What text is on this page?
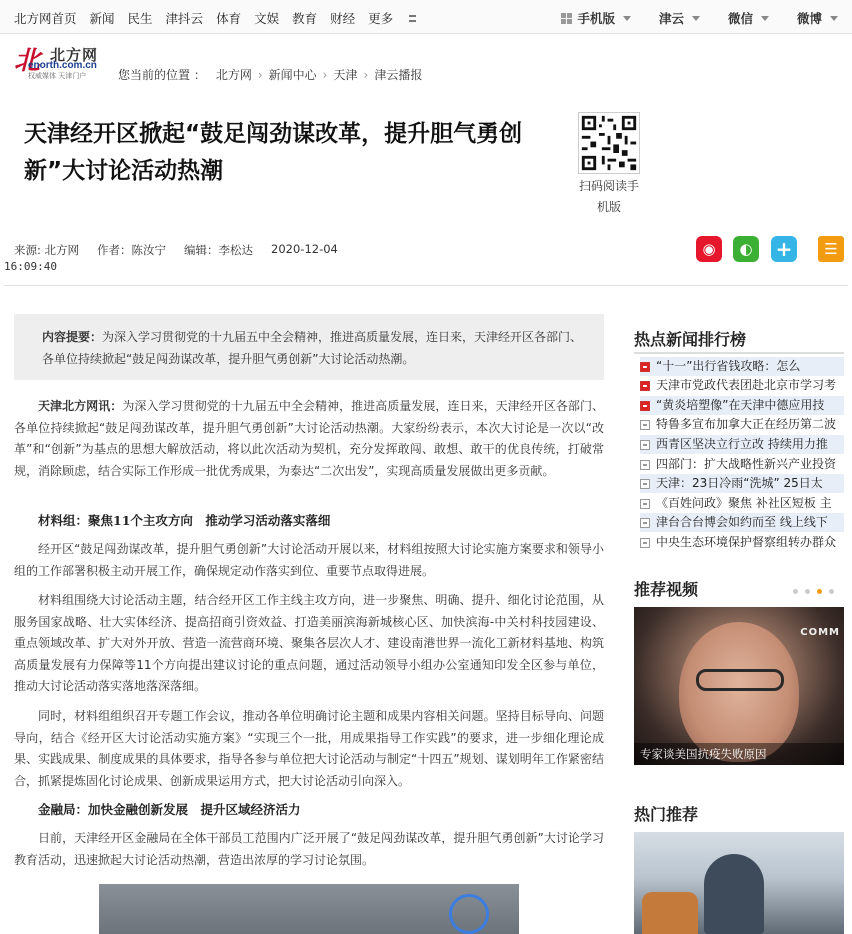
北方网首页 新闻 民生 津抖云 体育 文娱 教育 财经 更多	手机版	津云	微信	微博
北 北方网
enorth.com.cn
权威媒体 天津门户	您当前的位置 ： 北方网 › 新闻中心 › 天津 › 津云播报
天津经开区掀起“鼓足闯劲谋改革，提升胆气勇创新”大讨论活动热潮
扫码阅读手机版
来源: 北方网 作者：陈汝宁 编辑：李松达 2020-12-04
16:09:40
◉ ◐ + ☰
内容提要：为深入学习贯彻党的十九届五中全会精神，推进高质量发展，连日来，天津经开区各部门、各单位持续掀起“鼓足闯劲谋改革，提升胆气勇创新”大讨论活动热潮。
天津北方网讯：为深入学习贯彻党的十九届五中全会精神，推进高质量发展，连日来，天津经开区各部门、各单位持续掀起“鼓足闯劲谋改革，提升胆气勇创新”大讨论活动热潮。大家纷纷表示，本次大讨论是一次以“改革”和“创新”为基点的思想大解放活动，将以此次活动为契机，充分发挥敢闯、敢想、敢干的优良传统，打破常规，消除顾虑，结合实际工作形成一批优秀成果，为泰达“二次出发”，实现高质量发展做出更多贡献。
材料组：聚焦11个主攻方向　推动学习活动落实落细
经开区“鼓足闯劲谋改革，提升胆气勇创新”大讨论活动开展以来，材料组按照大讨论实施方案要求和领导小组的工作部署积极主动开展工作，确保规定动作落实到位、重要节点取得进展。
材料组围绕大讨论活动主题，结合经开区工作主线主攻方向，进一步聚焦、明确、提升、细化讨论范围，从服务国家战略、壮大实体经济、提高招商引资效益、打造美丽滨海新城核心区、加快滨海-中关村科技园建设、重点领域改革、扩大对外开放、营造一流营商环境、聚集各层次人才、建设南港世界一流化工新材料基地、构筑高质量发展有力保障等11个方向提出建议讨论的重点问题，通过活动领导小组办公室通知印发全区参与单位，推动大讨论活动落实落地落深落细。
同时，材料组组织召开专题工作会议，推动各单位明确讨论主题和成果内容相关问题。坚持目标导向、问题导向，结合《经开区大讨论活动实施方案》“实现三个一批，用成果指导工作实践”的要求，进一步细化理论成果、实践成果、制度成果的具体要求，指导各参与单位把大讨论活动与制定“十四五”规划、谋划明年工作紧密结合，抓紧提炼固化讨论成果、创新成果运用方式，把大讨论活动引向深入。
金融局：加快金融创新发展　提升区域经济活力
日前，天津经开区金融局在全体干部员工范围内广泛开展了“鼓足闯劲谋改革，提升胆气勇创新”大讨论学习教育活动，迅速掀起大讨论活动热潮，营造出浓厚的学习讨论氛围。
热点新闻排行榜
“十一”出行省钱攻略：怎么
天津市党政代表团赴北京市学习考
“黄炎培塑像”在天津中德应用技
特鲁多宣布加拿大正在经历第二波
西青区坚决立行立改 持续用力推
四部门：扩大战略性新兴产业投资
天津：23日冷雨“洗城” 25日太
《百姓问政》聚焦 补社区短板 主
津台合台博会如约而至 线上线下
中央生态环境保护督察组转办群众
推荐视频
COMM
专家谈美国抗疫失败原因
热门推荐
